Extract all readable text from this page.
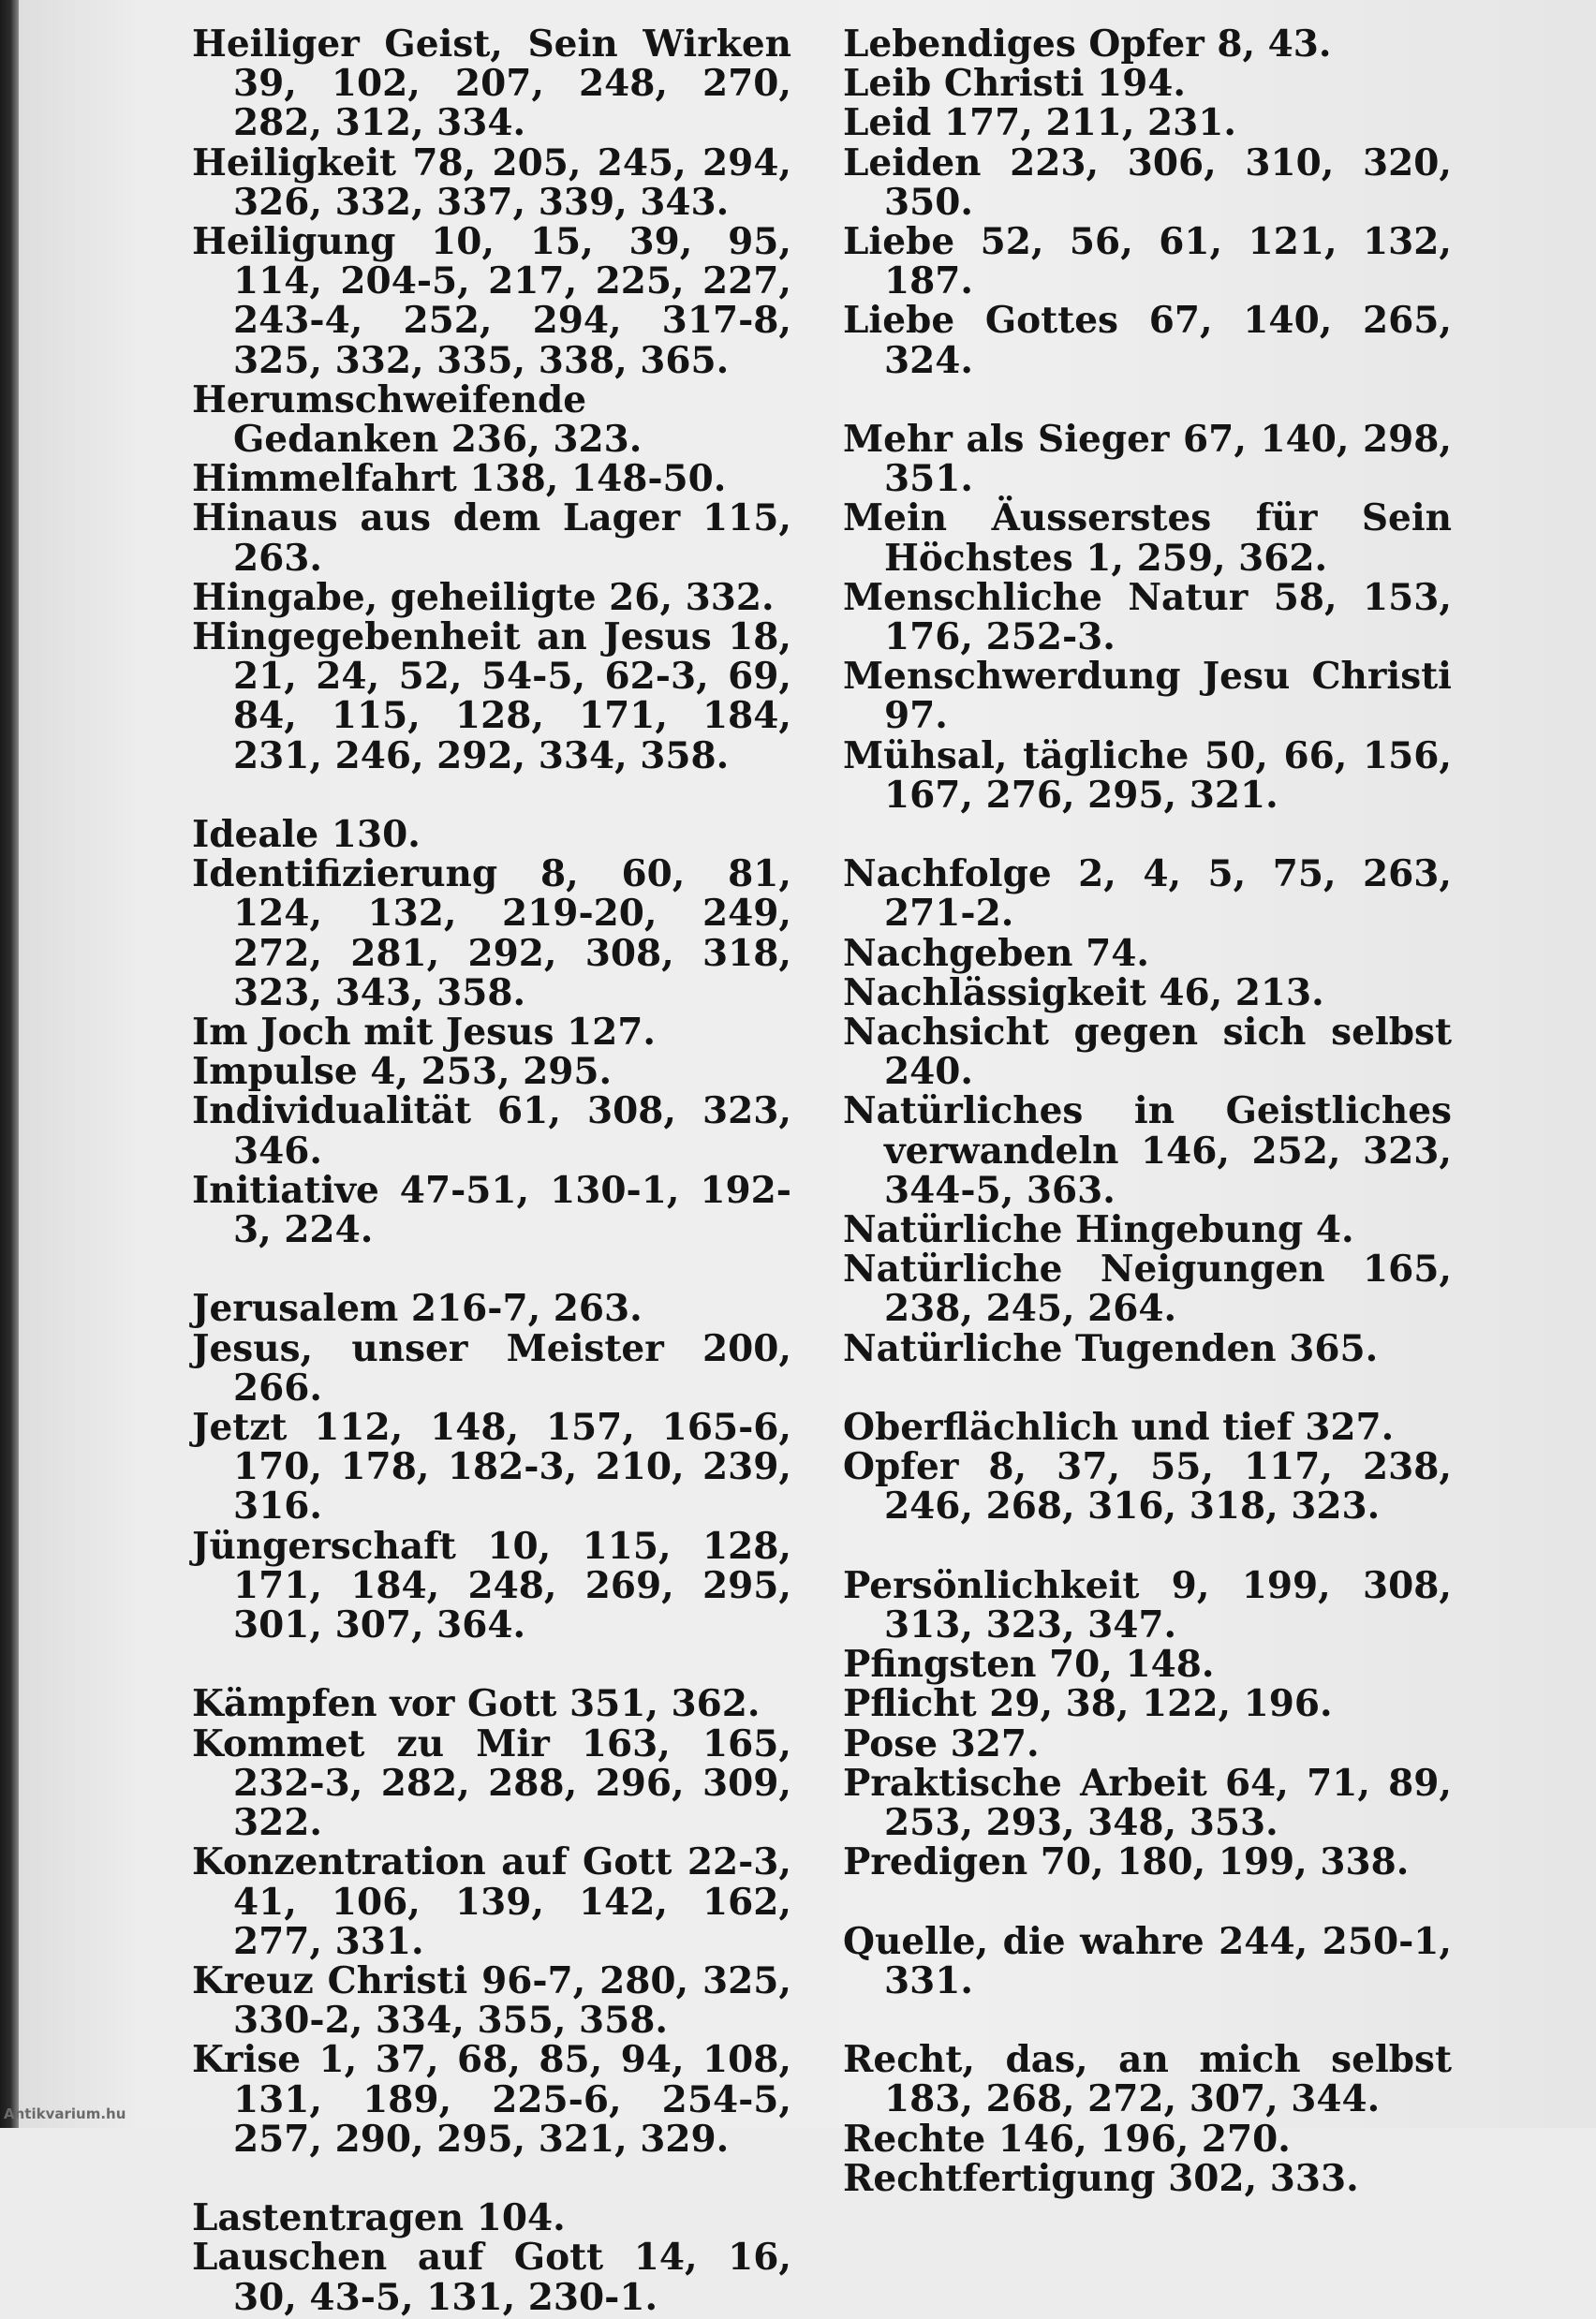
Heiliger Geist, Sein Wirken 39, 102, 207, 248, 270, 282, 312, 334.

Heiligkeit 78, 205, 245, 294, 326, 332, 337, 339, 343.

Heiligung 10, 15, 39, 95, 114, 204-5, 217, 225, 227, 243-4, 252, 294, 317-8, 325, 332, 335, 338, 365.

Herumschweifende Gedanken 236, 323.

Himmelfahrt 138, 148-50.

Hinaus aus dem Lager 115, 263.

Hingabe, geheiligte 26, 332.

Hingegebenheit an Jesus 18, 21, 24, 52, 54-5, 62-3, 69, 84, 115, 128, 171, 184, 231, 246, 292, 334, 358.

Ideale 130.

Identifizierung 8, 60, 81, 124, 132, 219-20, 249, 272, 281, 292, 308, 318, 323, 343, 358.

Im Joch mit Jesus 127.

Impulse 4, 253, 295.

Individualität 61, 308, 323, 346.

Initiative 47-51, 130-1, 192-3, 224.

Jerusalem 216-7, 263.

Jesus, unser Meister 200, 266.

Jetzt 112, 148, 157, 165-6, 170, 178, 182-3, 210, 239, 316.

Jüngerschaft 10, 115, 128, 171, 184, 248, 269, 295, 301, 307, 364.

Kämpfen vor Gott 351, 362.

Kommet zu Mir 163, 165, 232-3, 282, 288, 296, 309, 322.

Konzentration auf Gott 22-3, 41, 106, 139, 142, 162, 277, 331.

Kreuz Christi 96-7, 280, 325, 330-2, 334, 355, 358.

Krise 1, 37, 68, 85, 94, 108, 131, 189, 225-6, 254-5, 257, 290, 295, 321, 329.

Lastentragen 104.

Lauschen auf Gott 14, 16, 30, 43-5, 131, 230-1.

Lebendiges Opfer 8, 43.

Leib Christi 194.

Leid 177, 211, 231.

Leiden 223, 306, 310, 320, 350.

Liebe 52, 56, 61, 121, 132, 187.

Liebe Gottes 67, 140, 265, 324.

Mehr als Sieger 67, 140, 298, 351.

Mein Äusserstes für Sein Höchstes 1, 259, 362.

Menschliche Natur 58, 153, 176, 252-3.

Menschwerdung Jesu Christi 97.

Mühsal, tägliche 50, 66, 156, 167, 276, 295, 321.

Nachfolge 2, 4, 5, 75, 263, 271-2.

Nachgeben 74.

Nachlässigkeit 46, 213.

Nachsicht gegen sich selbst 240.

Natürliches in Geistliches verwandeln 146, 252, 323, 344-5, 363.

Natürliche Hingebung 4.

Natürliche Neigungen 165, 238, 245, 264.

Natürliche Tugenden 365.

Oberflächlich und tief 327.

Opfer 8, 37, 55, 117, 238, 246, 268, 316, 318, 323.

Persönlichkeit 9, 199, 308, 313, 323, 347.

Pfingsten 70, 148.

Pflicht 29, 38, 122, 196.

Pose 327.

Praktische Arbeit 64, 71, 89, 253, 293, 348, 353.

Predigen 70, 180, 199, 338.

Quelle, die wahre 244, 250-1, 331.

Recht, das, an mich selbst 183, 268, 272, 307, 344.

Rechte 146, 196, 270.

Rechtfertigung 302, 333.

Antikvarium.hu
